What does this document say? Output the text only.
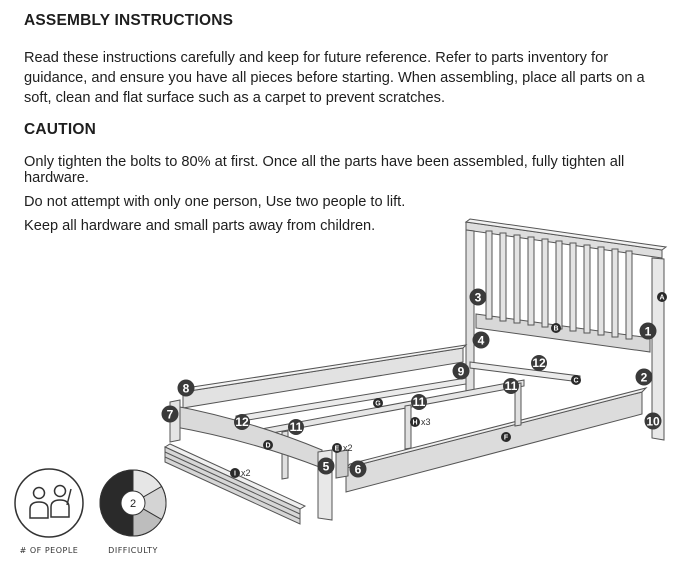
ASSEMBLY INSTRUCTIONS

Read these instructions carefully and keep for future reference. Refer to parts inventory for

guidance, and ensure you have all pieces before starting. When assembling, place all parts on a

soft, clean and flat surface such as a carpet to prevent scratches.

CAUTION

Only tighten the bolts to 80% at first. Once all the parts have been assembled, fully tighten all

hardware.

Do not attempt with only one person, Use two people to lift.

Keep all hardware and small parts away from children.

1
2
3
4
5 6
7
8
9
10
11
11
11
12
12
A
B
C
D	E x2
F
G
H x3
I x2
# OF PEOPLE
2
DIFFICULTY
